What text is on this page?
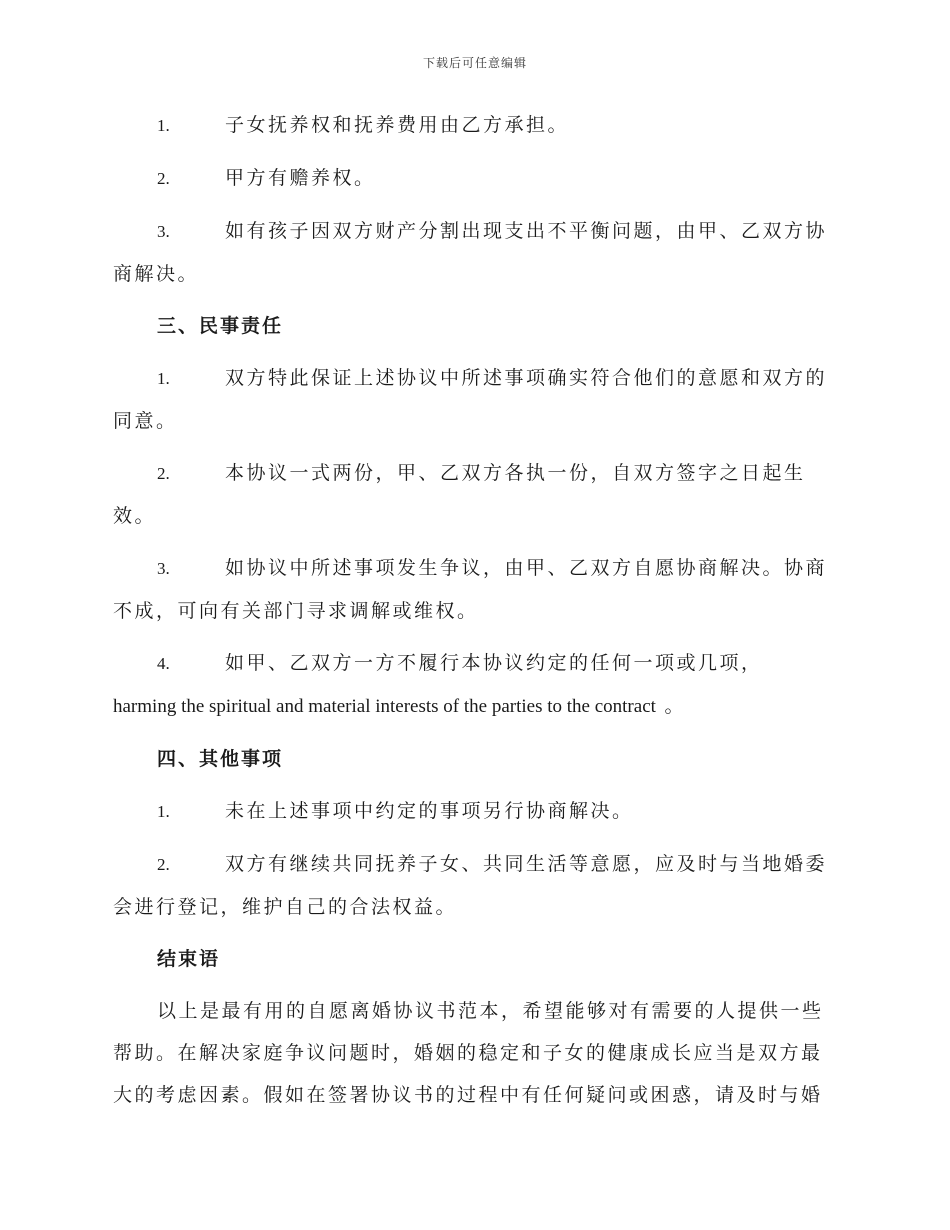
下载后可任意编辑

1.	子女抚养权和抚养费用由乙方承担。

2.	甲方有赡养权。

3.	如有孩子因双方财产分割出现支出不平衡问题，由甲、乙双方协商解决。

三、民事责任

1.	双方特此保证上述协议中所述事项确实符合他们的意愿和双方的同意。

2.	本协议一式两份，甲、乙双方各执一份，自双方签字之日起生效。

3.	如协议中所述事项发生争议，由甲、乙双方自愿协商解决。协商不成，可向有关部门寻求调解或维权。

4.	如甲、乙双方一方不履行本协议约定的任何一项或几项，
harming the spiritual and material interests of the parties to the contract 。

四、其他事项

1.	未在上述事项中约定的事项另行协商解决。

2.	双方有继续共同抚养子女、共同生活等意愿，应及时与当地婚委会进行登记，维护自己的合法权益。

结束语

以上是最有用的自愿离婚协议书范本，希望能够对有需要的人提供一些帮助。在解决家庭争议问题时，婚姻的稳定和子女的健康成长应当是双方最大的考虑因素。假如在签署协议书的过程中有任何疑问或困惑，请及时与婚
